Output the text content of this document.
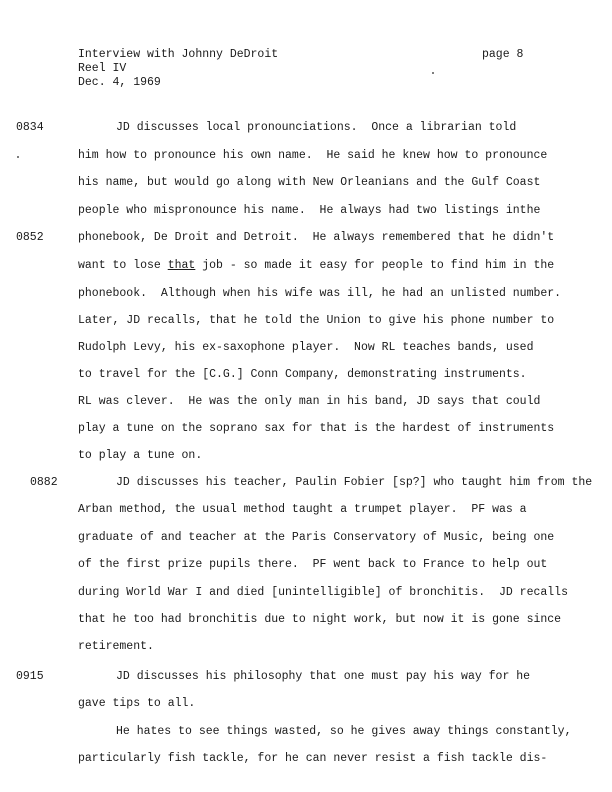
Interview with Johnny DeDroit
Reel IV
Dec. 4, 1969
page 8
0834
0852
0882
0915
JD discusses local pronounciations.  Once a librarian told
him how to pronounce his own name.  He said he knew how to pronounce
his name, but would go along with New Orleanians and the Gulf Coast
people who mispronounce his name.  He always had two listings inthe
phonebook, De Droit and Detroit.  He always remembered that he didn't
want to lose that job - so made it easy for people to find him in the
phonebook.  Although when his wife was ill, he had an unlisted number.
Later, JD recalls, that he told the Union to give his phone number to
Rudolph Levy, his ex-saxophone player.  Now RL teaches bands, used
to travel for the [C.G.] Conn Company, demonstrating instruments.
RL was clever.  He was the only man in his band, JD says that could
play a tune on the soprano sax for that is the hardest of instruments
to play a tune on.
JD discusses his teacher, Paulin Fobier [sp?] who taught him from the
Arban method, the usual method taught a trumpet player.  PF was a
graduate of and teacher at the Paris Conservatory of Music, being one
of the first prize pupils there.  PF went back to France to help out
during World War I and died [unintelligible] of bronchitis.  JD recalls
that he too had bronchitis due to night work, but now it is gone since
retirement.
JD discusses his philosophy that one must pay his way for he
gave tips to all.
He hates to see things wasted, so he gives away things constantly,
particularly fish tackle, for he can never resist a fish tackle dis-
